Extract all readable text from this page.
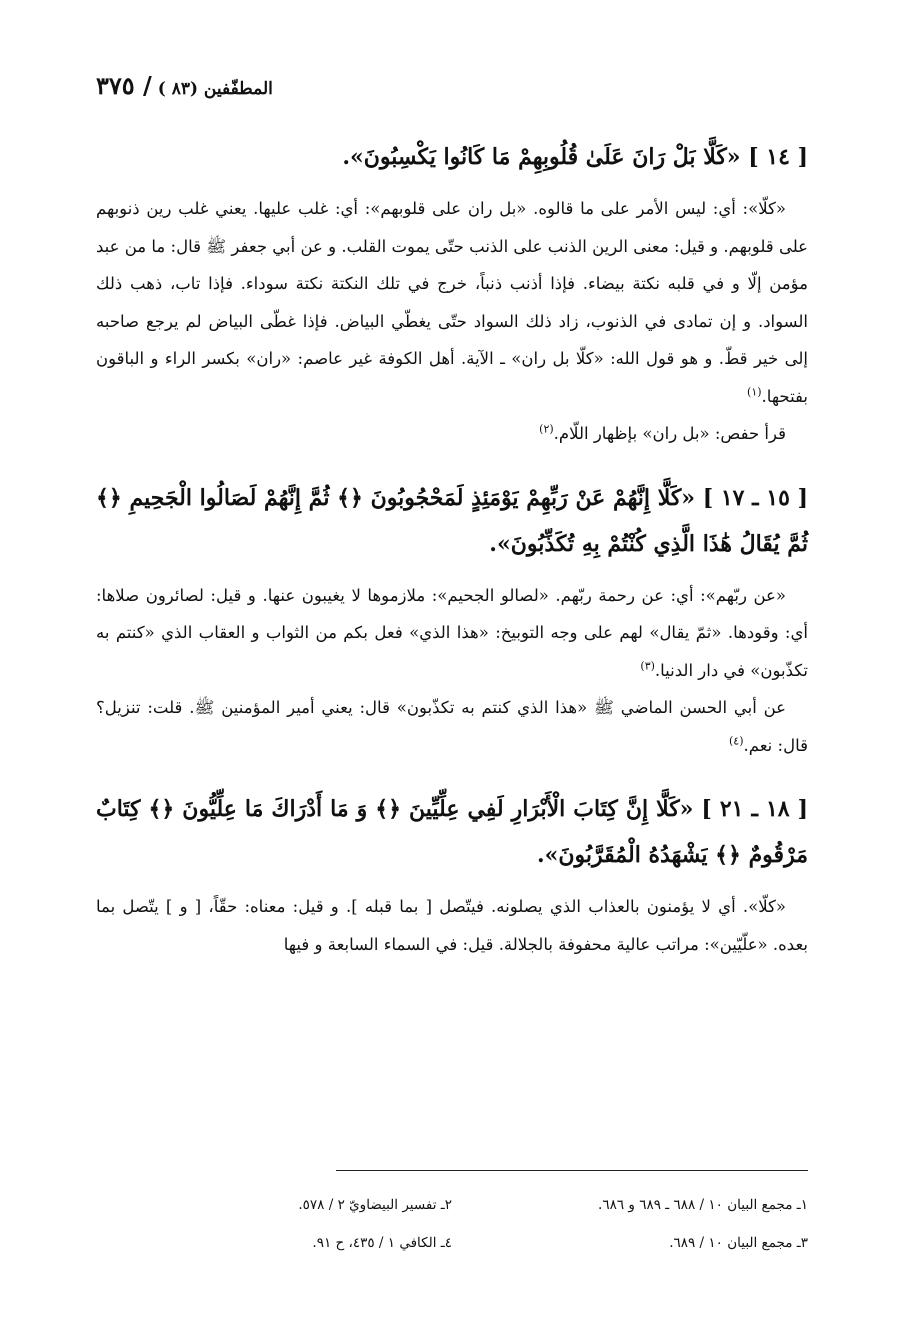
المطفّفين (٨٣ ) / ٣٧٥

[ ١٤ ] «كَلَّا بَلْ رَانَ عَلَىٰ قُلُوبِهِمْ مَا كَانُوا يَكْسِبُونَ».

«كلّا»: أي: ليس الأمر على ما قالوه. «بل ران على قلوبهم»: أي: غلب عليها. يعني غلب رين ذنوبهم على قلوبهم. و قيل: معنى الرين الذنب على الذنب حتّى يموت القلب. و عن أبي جعفر ﷺ قال: ما من عبد مؤمن إلّا و في قلبه نكتة بيضاء. فإذا أذنب ذنباً، خرج في تلك النكتة نكتة سوداء. فإذا تاب، ذهب ذلك السواد. و إن تمادى في الذنوب، زاد ذلك السواد حتّى يغطّي البياض. فإذا غطّى البياض لم يرجع صاحبه إلى خير قطّ. و هو قول الله: «كلّا بل ران» ـ الآية. أهل الكوفة غير عاصم: «ران» بكسر الراء و الباقون بفتحها.$^{(١)}$

قرأ حفص: «بل ران» بإظهار اللّام.$^{(٢)}$

[ ١٥ ـ ١٧ ] «كَلَّا إِنَّهُمْ عَنْ رَبِّهِمْ يَوْمَئِذٍ لَمَحْجُوبُونَ ﴿﴾ ثُمَّ إِنَّهُمْ لَصَالُوا الْجَحِيمِ ﴿﴾ ثُمَّ يُقَالُ هَٰذَا الَّذِي كُنْتُمْ بِهِ تُكَذِّبُونَ».

«عن ربّهم»: أي: عن رحمة ربّهم. «لصالو الجحيم»: ملازموها لا يغيبون عنها. و قيل: لصائرون صلاها: أي: وقودها. «ثمّ يقال» لهم على وجه التوبيخ: «هذا الذي» فعل بكم من الثواب و العقاب الذي «كنتم به تكذّبون» في دار الدنيا.$^{(٣)}$

عن أبي الحسن الماضي ﷺ «هذا الذي كنتم به تكذّبون» قال: يعني أمير المؤمنين ﷺ. قلت: تنزيل؟ قال: نعم.$^{(٤)}$

[ ١٨ ـ ٢١ ] «كَلَّا إِنَّ كِتَابَ الْأَبْرَارِ لَفِي عِلِّيِّينَ ﴿﴾ وَ مَا أَدْرَاكَ مَا عِلِّيُّونَ ﴿﴾ كِتَابٌ مَرْقُومٌ ﴿﴾ يَشْهَدُهُ الْمُقَرَّبُونَ».

«كلّا». أي لا يؤمنون بالعذاب الذي يصلونه. فيتّصل [ بما قبله ]. و قيل: معناه: حقّاً، [ و ] يتّصل بما بعده. «علّيّين»: مراتب عالية محفوفة بالجلالة. قيل: في السماء السابعة و فيها

١ـ مجمع البيان ١٠ / ٦٨٨ ـ ٦٨٩ و ٦٨٦.
٢ـ تفسير البيضاويّ ٢ / ٥٧٨.
٣ـ مجمع البيان ١٠ / ٦٨٩.
٤ـ الكافي ١ / ٤٣٥، ح ٩١.
